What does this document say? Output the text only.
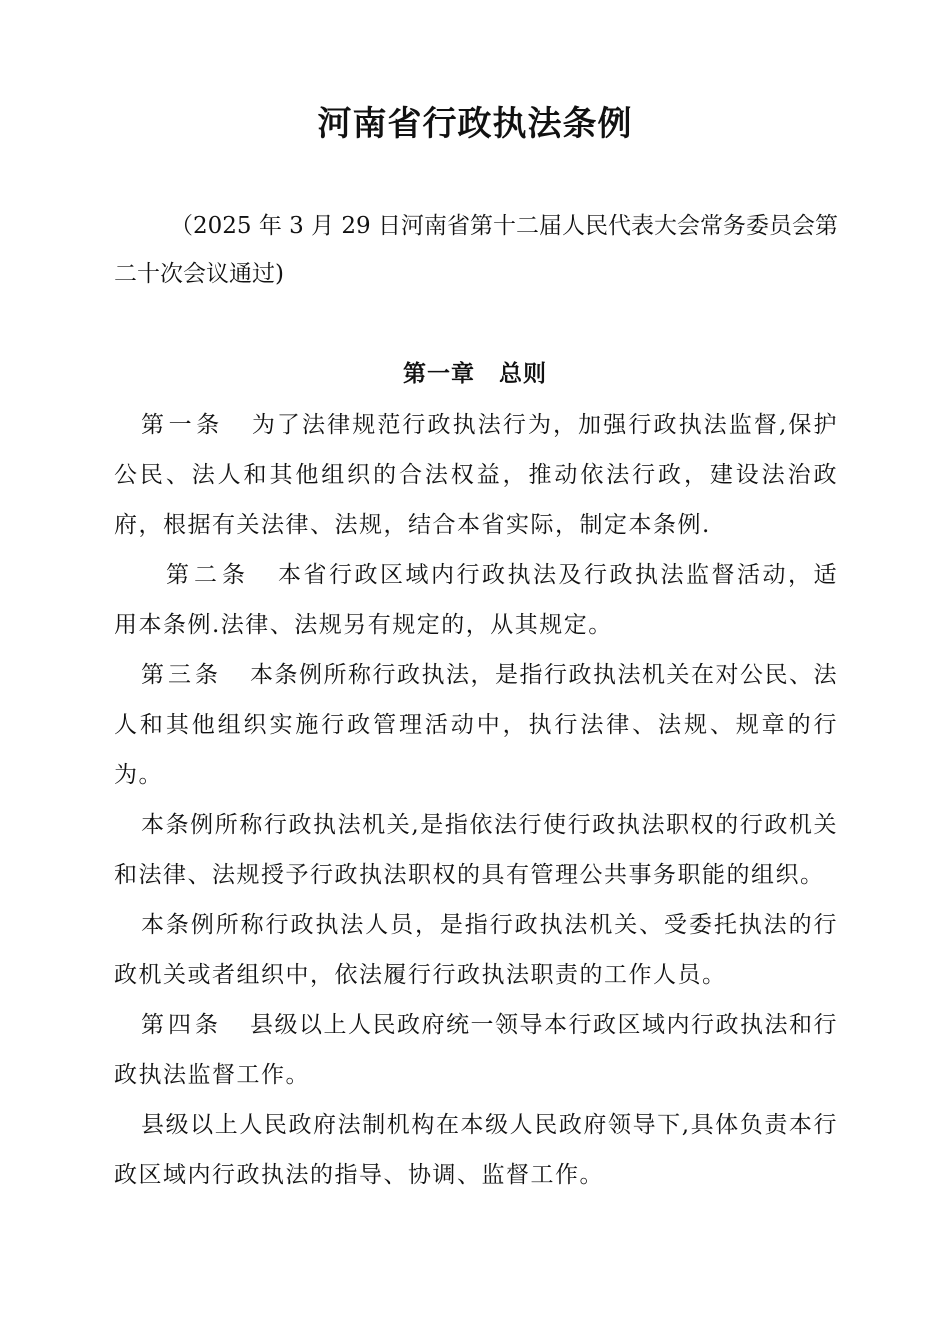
河南省行政执法条例
（2025 年 3 月 29 日河南省第十二届人民代表大会常务委员会第二十次会议通过)
第一章　总则

第一条 为了法律规范行政执法行为，加强行政执法监督,保护公民、法人和其他组织的合法权益，推动依法行政，建设法治政府，根据有关法律、法规，结合本省实际，制定本条例.

第二条 本省行政区域内行政执法及行政执法监督活动，适用本条例.法律、法规另有规定的，从其规定。

第三条 本条例所称行政执法，是指行政执法机关在对公民、法人和其他组织实施行政管理活动中，执行法律、法规、规章的行为。

本条例所称行政执法机关,是指依法行使行政执法职权的行政机关和法律、法规授予行政执法职权的具有管理公共事务职能的组织。

本条例所称行政执法人员，是指行政执法机关、受委托执法的行政机关或者组织中，依法履行行政执法职责的工作人员。

第四条 县级以上人民政府统一领导本行政区域内行政执法和行政执法监督工作。

县级以上人民政府法制机构在本级人民政府领导下,具体负责本行政区域内行政执法的指导、协调、监督工作。
